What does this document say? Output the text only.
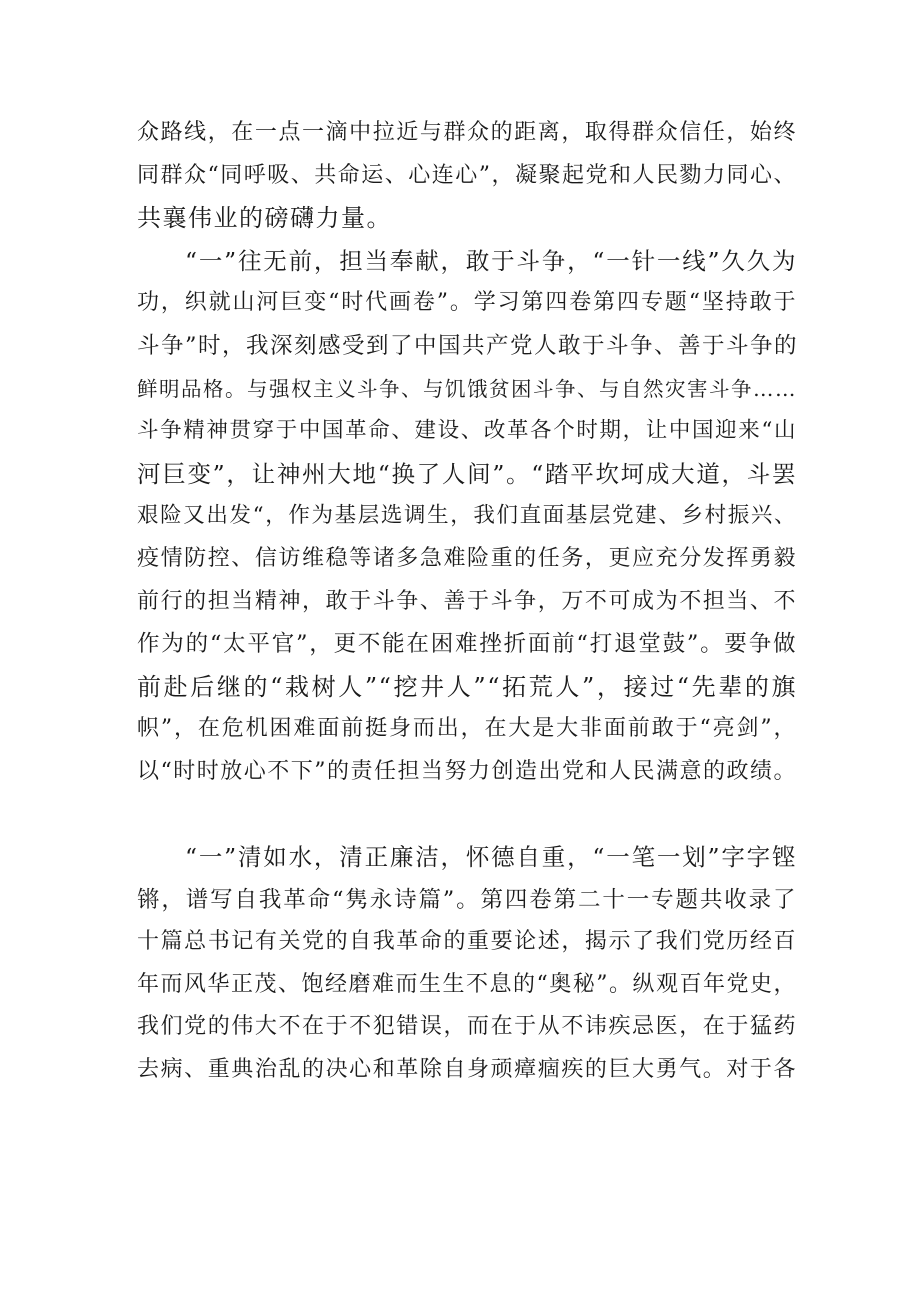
众路线，在一点一滴中拉近与群众的距离，取得群众信任，始终
同群众“同呼吸、共命运、心连心”，凝聚起党和人民勠力同心、
共襄伟业的磅礴力量。
“一”往无前，担当奉献，敢于斗争，“一针一线”久久为
功，织就山河巨变“时代画卷”。学习第四卷第四专题“坚持敢于
斗争”时，我深刻感受到了中国共产党人敢于斗争、善于斗争的
鲜明品格。与强权主义斗争、与饥饿贫困斗争、与自然灾害斗争……
斗争精神贯穿于中国革命、建设、改革各个时期，让中国迎来“山
河巨变”，让神州大地“换了人间”。“踏平坎坷成大道，斗罢
艰险又出发“，作为基层选调生，我们直面基层党建、乡村振兴、
疫情防控、信访维稳等诸多急难险重的任务，更应充分发挥勇毅
前行的担当精神，敢于斗争、善于斗争，万不可成为不担当、不
作为的“太平官”，更不能在困难挫折面前“打退堂鼓”。要争做
前赴后继的“栽树人”“挖井人”“拓荒人”，接过“先辈的旗
帜”，在危机困难面前挺身而出，在大是大非面前敢于“亮剑”，
以“时时放心不下”的责任担当努力创造出党和人民满意的政绩。
“一”清如水，清正廉洁，怀德自重，“一笔一划”字字铿
锵，谱写自我革命“隽永诗篇”。第四卷第二十一专题共收录了
十篇总书记有关党的自我革命的重要论述，揭示了我们党历经百
年而风华正茂、饱经磨难而生生不息的“奥秘”。纵观百年党史，
我们党的伟大不在于不犯错误，而在于从不讳疾忌医，在于猛药
去病、重典治乱的决心和革除自身顽瘴痼疾的巨大勇气。对于各
